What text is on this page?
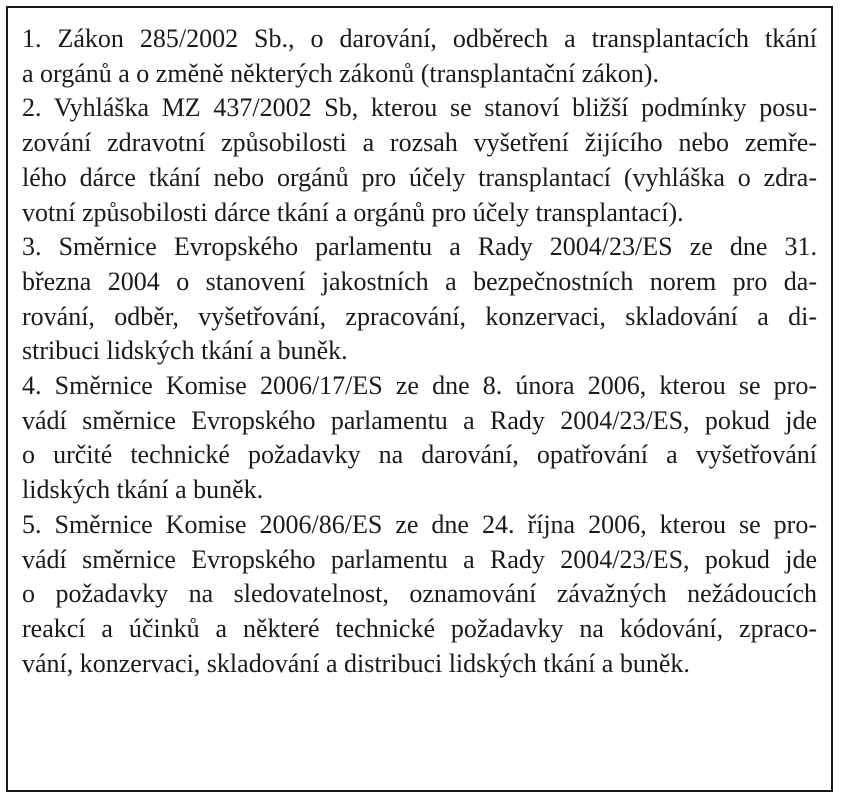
1. Zákon 285/2002 Sb., o darování, odběrech a transplantacích tkání
a orgánů a o změně některých zákonů (transplantační zákon).
2. Vyhláška MZ 437/2002 Sb, kterou se stanoví bližší podmínky posu-
zování zdravotní způsobilosti a rozsah vyšetření žijícího nebo zemře-
lého dárce tkání nebo orgánů pro účely transplantací (vyhláška o zdra-
votní způsobilosti dárce tkání a orgánů pro účely transplantací).
3. Směrnice Evropského parlamentu a Rady 2004/23/ES ze dne 31.
března 2004 o stanovení jakostních a bezpečnostních norem pro da-
rování, odběr, vyšetřování, zpracování, konzervaci, skladování a di-
stribuci lidských tkání a buněk.
4. Směrnice Komise 2006/17/ES ze dne 8. února 2006, kterou se pro-
vádí směrnice Evropského parlamentu a Rady 2004/23/ES, pokud jde
o určité technické požadavky na darování, opatřování a vyšetřování
lidských tkání a buněk.
5. Směrnice Komise 2006/86/ES ze dne 24. října 2006, kterou se pro-
vádí směrnice Evropského parlamentu a Rady 2004/23/ES, pokud jde
o požadavky na sledovatelnost, oznamování závažných nežádoucích
reakcí a účinků a některé technické požadavky na kódování, zpraco-
vání, konzervaci, skladování a distribuci lidských tkání a buněk.
